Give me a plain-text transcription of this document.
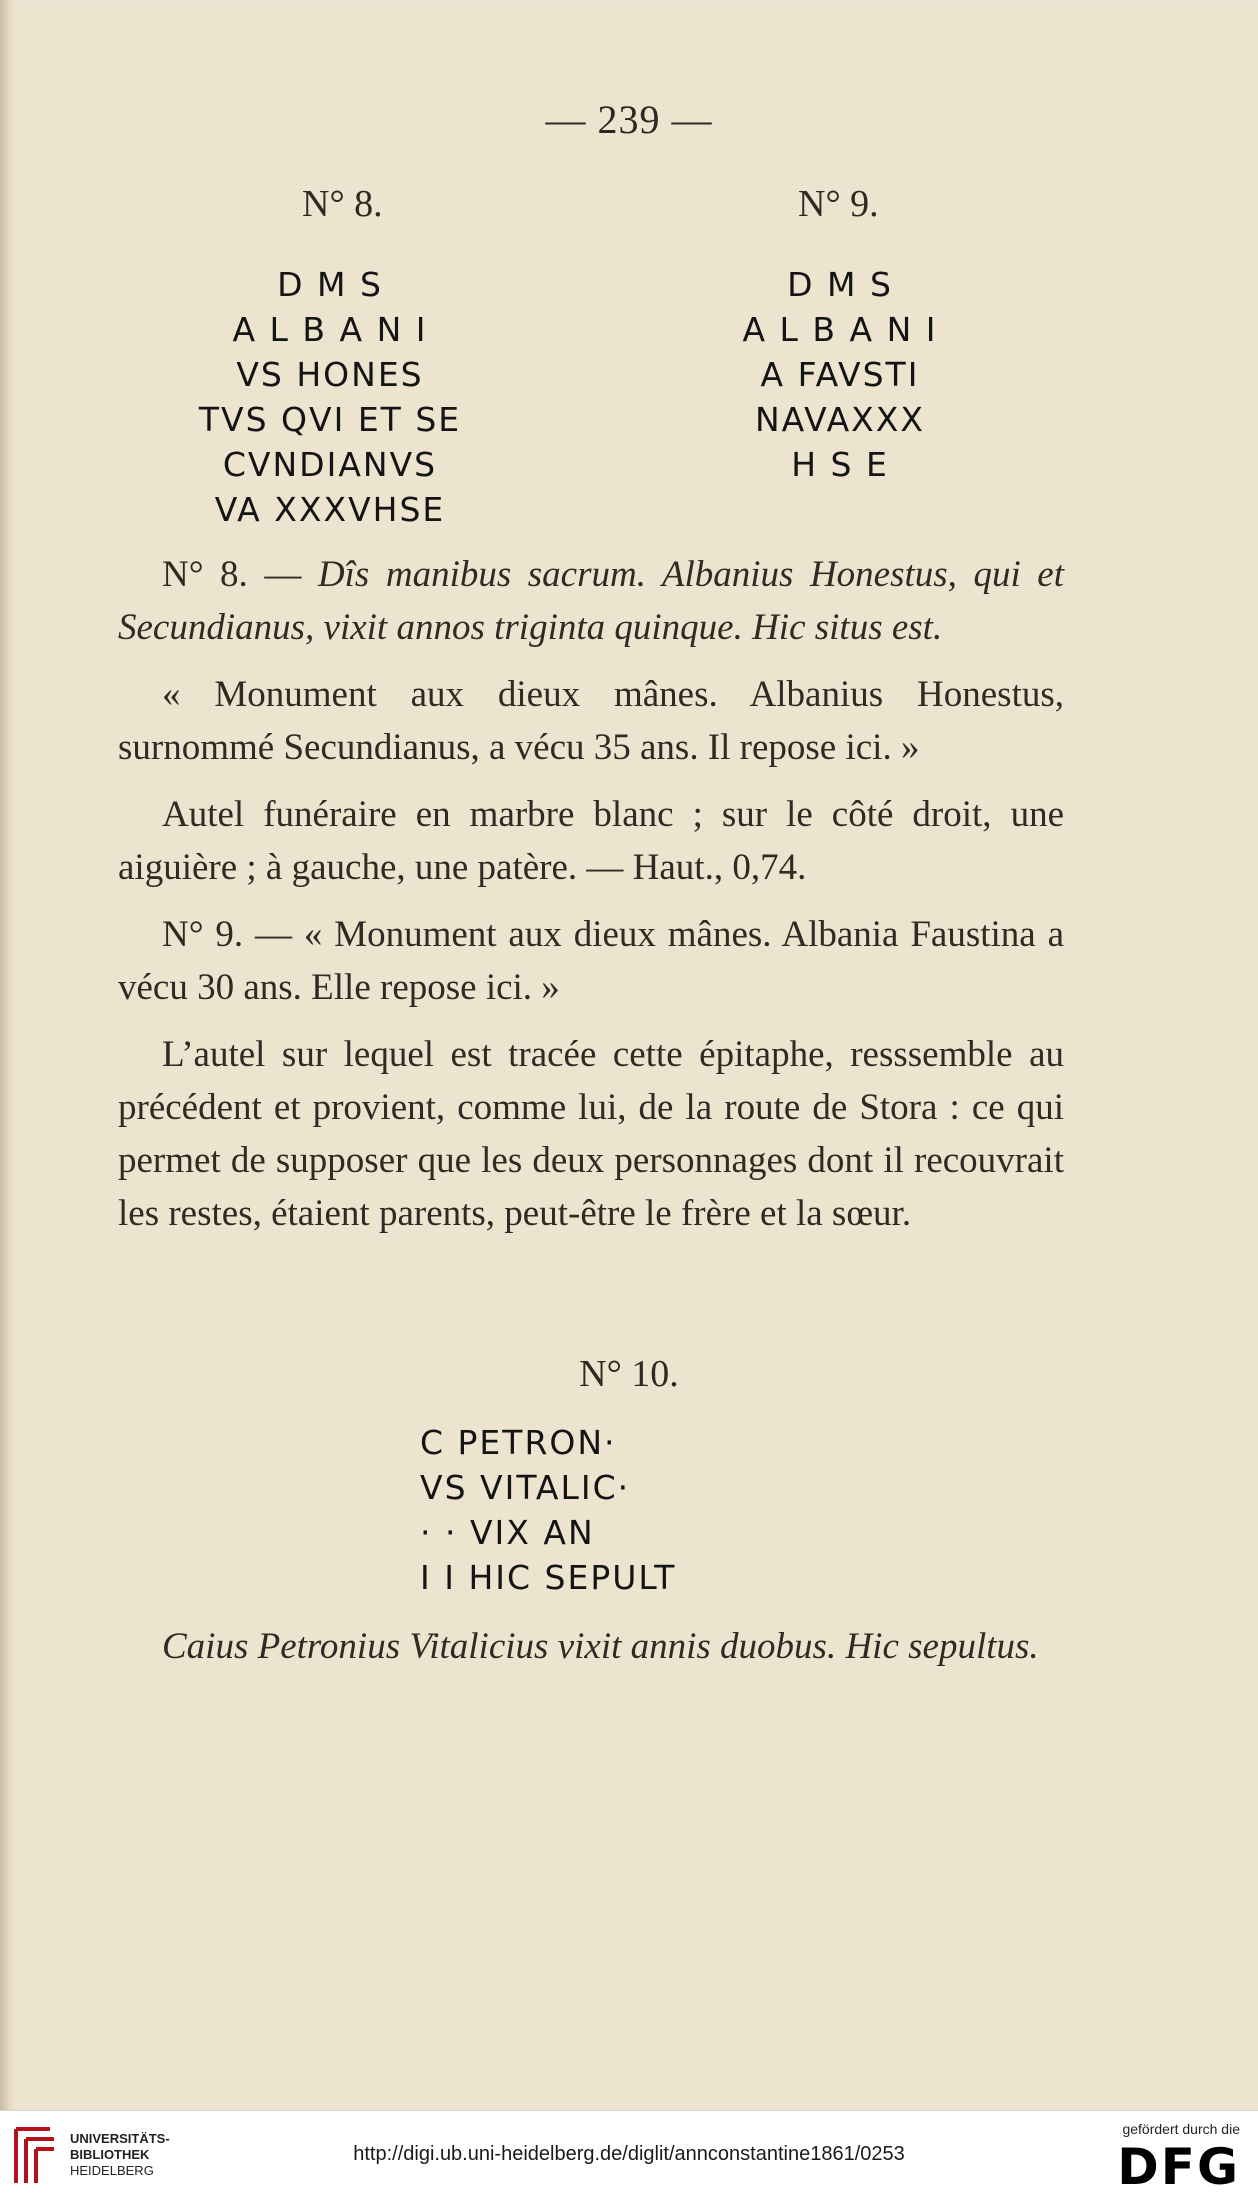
— 239 —
N° 8.	N° 9.
D M S
A L B A N I
VS HONES
TVS QVI ET SE
CVNDIANVS
VA XXXVHSE
D M S
A L B A N I
A FAVSTI
NAVAXXX
H S E

N° 8. — Dîs manibus sacrum. Albanius Honestus, qui et Secundianus, vixit annos triginta quinque. Hic situs est.

« Monument aux dieux mânes. Albanius Honestus, surnommé Secundianus, a vécu 35 ans. Il repose ici. »

Autel funéraire en marbre blanc ; sur le côté droit, une aiguière ; à gauche, une patère. — Haut., 0,74.

N° 9. — « Monument aux dieux mânes. Albania Faustina a vécu 30 ans. Elle repose ici. »

L’autel sur lequel est tracée cette épitaphe, resssemble au précédent et provient, comme lui, de la route de Stora : ce qui permet de supposer que les deux personnages dont il recouvrait les restes, étaient parents, peut-être le frère et la sœur.

N° 10.
C PETRON·
VS VITALIC·
· · VIX AN
I I HIC SEPULT

Caius Petronius Vitalicius vixit annis duobus. Hic sepultus.

UNIVERSITÄTS-
BIBLIOTHEK
HEIDELBERG
http://digi.ub.uni-heidelberg.de/diglit/annconstantine1861/0253
gefördert durch die
DFG
